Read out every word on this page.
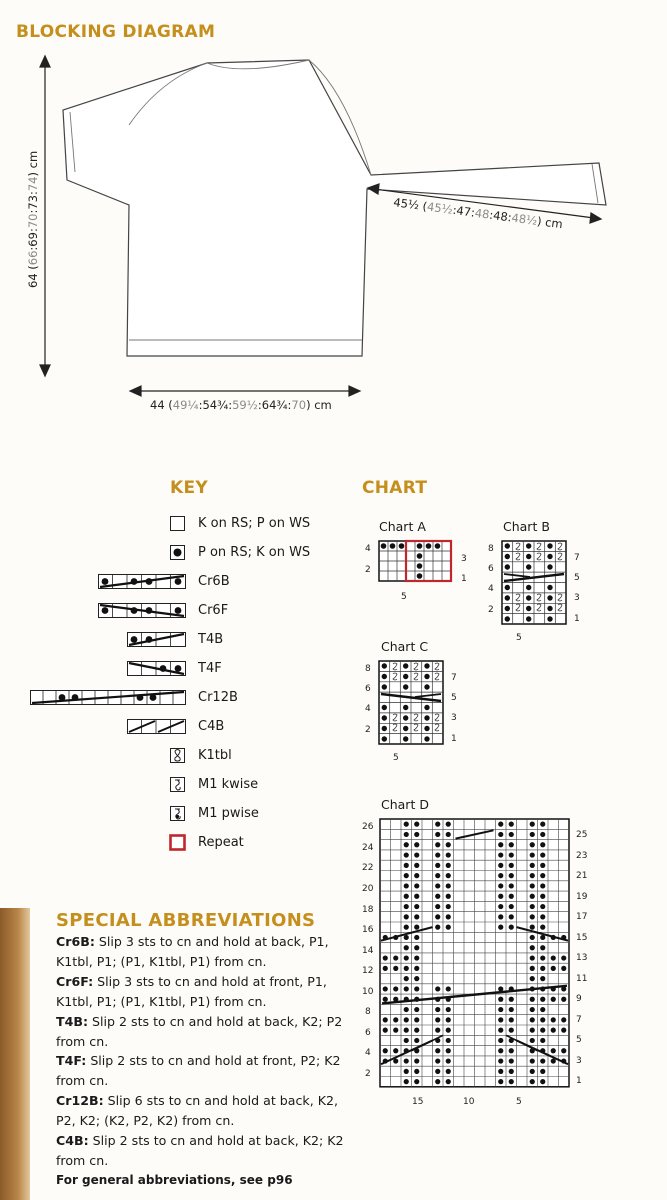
BLOCKING DIAGRAM
64 (66:69:70:73:74) cm
45½ (45½:47:48:48:48½) cm
44 (49¼:54¾:59½:64¾:70) cm
KEY
K on RS; P on WS
P on RS; K on WS
Cr6B
Cr6F
T4B
T4F
Cr12B
C4B
K1tbl
M1 kwise
M1 pwise
Repeat
CHART
Chart A
4
2
3
1
5
Chart B
8
6
4
2
7
5
3
1
5
Chart C
8
6
4
2
7
5
3
1
5
Chart D
26
24
22
20
18
16
14
12
10
8
6
4
2
25
23
21
19
17
15
13
11
9
7
5
3
1
15	10	5
SPECIAL ABBREVIATIONS
Cr6B: Slip 3 sts to cn and hold at back, P1, K1tbl, P1; (P1, K1tbl, P1) from cn.
Cr6F: Slip 3 sts to cn and hold at front, P1, K1tbl, P1; (P1, K1tbl, P1) from cn.
T4B: Slip 2 sts to cn and hold at back, K2; P2 from cn.
T4F: Slip 2 sts to cn and hold at front, P2; K2 from cn.
Cr12B: Slip 6 sts to cn and hold at back, K2, P2, K2; (K2, P2, K2) from cn.
C4B: Slip 2 sts to cn and hold at back, K2; K2 from cn.
For general abbreviations, see p96
